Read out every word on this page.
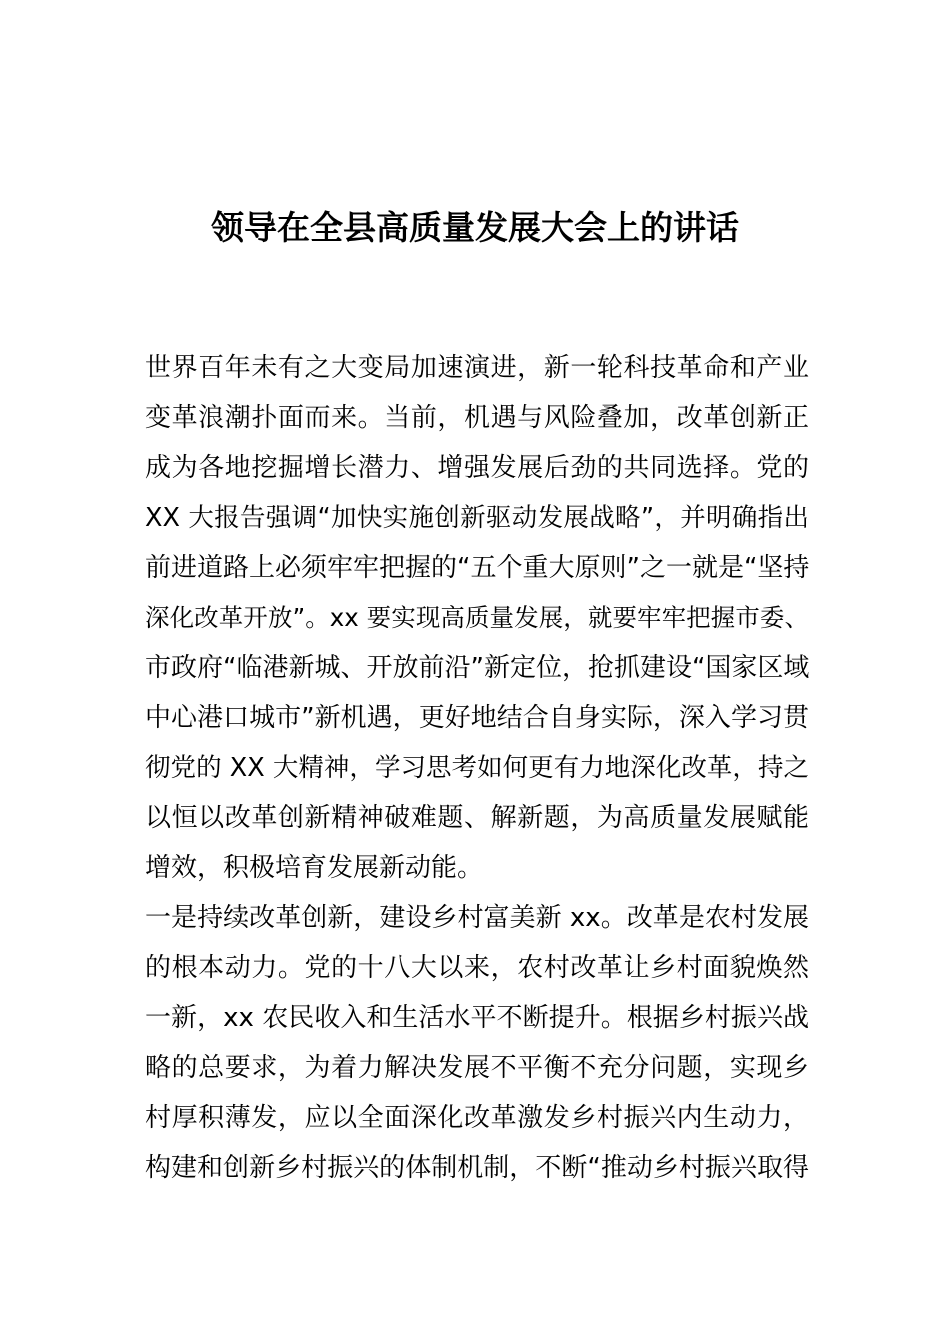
领导在全县高质量发展大会上的讲话
世界百年未有之大变局加速演进，新一轮科技革命和产业
变革浪潮扑面而来。当前，机遇与风险叠加，改革创新正
成为各地挖掘增长潜力、增强发展后劲的共同选择。党的
XX 大报告强调“加快实施创新驱动发展战略”，并明确指出
前进道路上必须牢牢把握的“五个重大原则”之一就是“坚持
深化改革开放”。xx 要实现高质量发展，就要牢牢把握市委、
市政府“临港新城、开放前沿”新定位，抢抓建设“国家区域
中心港口城市”新机遇，更好地结合自身实际，深入学习贯
彻党的 XX 大精神，学习思考如何更有力地深化改革，持之
以恒以改革创新精神破难题、解新题，为高质量发展赋能
增效，积极培育发展新动能。
一是持续改革创新，建设乡村富美新 xx。改革是农村发展
的根本动力。党的十八大以来，农村改革让乡村面貌焕然
一新，xx 农民收入和生活水平不断提升。根据乡村振兴战
略的总要求，为着力解决发展不平衡不充分问题，实现乡
村厚积薄发，应以全面深化改革激发乡村振兴内生动力，
构建和创新乡村振兴的体制机制，不断“推动乡村振兴取得
